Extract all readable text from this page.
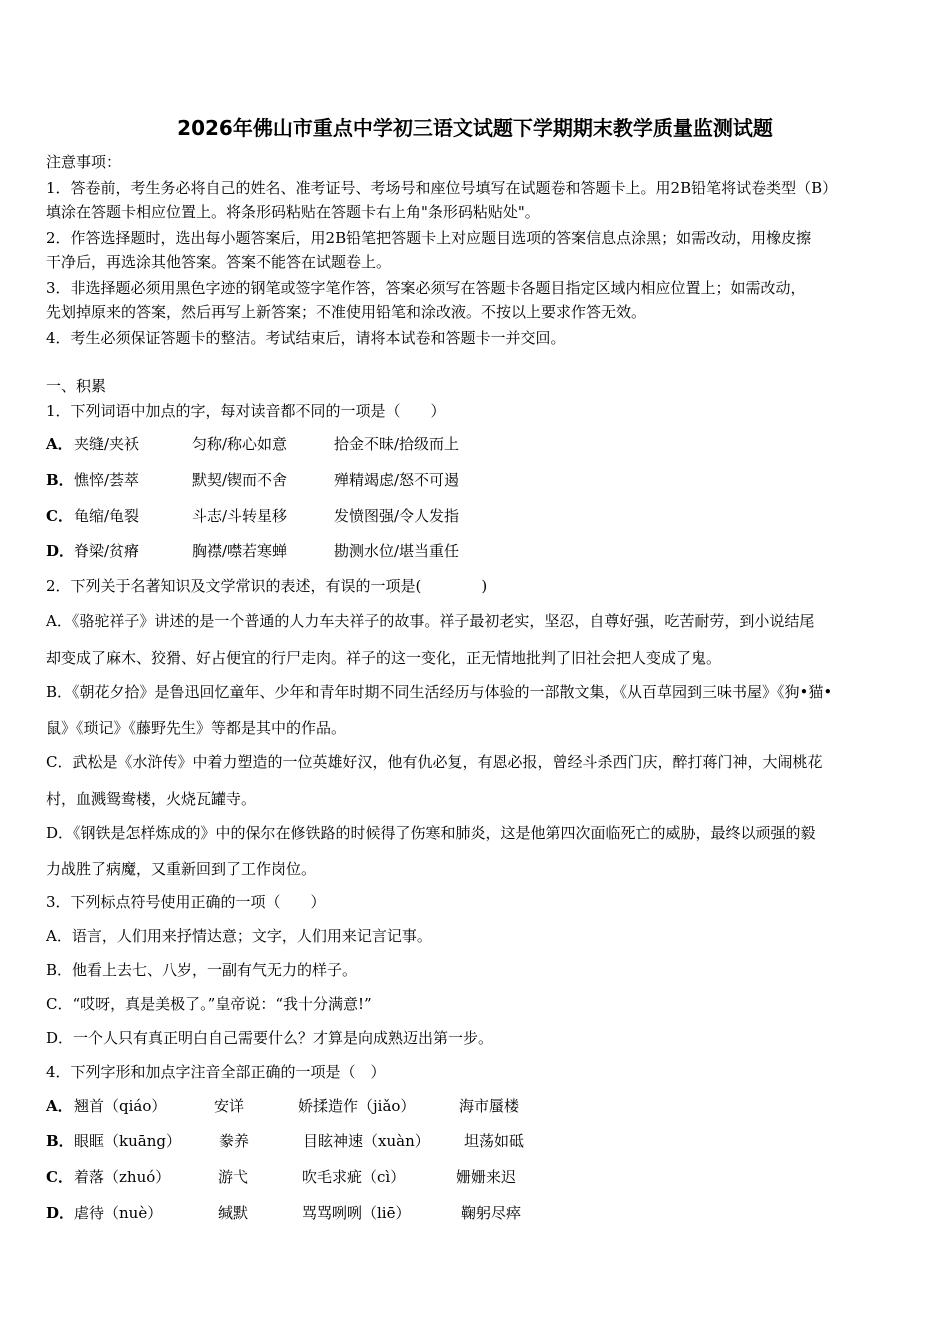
2026年佛山市重点中学初三语文试题下学期期末教学质量监测试题
注意事项：
1．答卷前，考生务必将自己的姓名、准考证号、考场号和座位号填写在试题卷和答题卡上。用2B铅笔将试卷类型（B）
填涂在答题卡相应位置上。将条形码粘贴在答题卡右上角"条形码粘贴处"。
2．作答选择题时，选出每小题答案后，用2B铅笔把答题卡上对应题目选项的答案信息点涂黑；如需改动，用橡皮擦
干净后，再选涂其他答案。答案不能答在试题卷上。
3．非选择题必须用黑色字迹的钢笔或签字笔作答，答案必须写在答题卡各题目指定区域内相应位置上；如需改动，
先划掉原来的答案，然后再写上新答案；不准使用铅笔和涂改液。不按以上要求作答无效。
4．考生必须保证答题卡的整洁。考试结束后，请将本试卷和答题卡一并交回。
一、积累
1．下列词语中加点的字，每对读音都不同的一项是（　　）
A． 夹缝/夹袄	匀称/称心如意	拾金不昧/拾级而上
B． 憔悴/荟萃	默契/锲而不舍	殚精竭虑/怒不可遏
C． 龟缩/龟裂	斗志/斗转星移	发愤图强/令人发指
D． 脊梁/贫瘠	胸襟/噤若寒蝉	勘测水位/堪当重任
2．下列关于名著知识及文学常识的表述，有误的一项是(　　　　)
A．《骆驼祥子》讲述的是一个普通的人力车夫祥子的故事。祥子最初老实，坚忍，自尊好强，吃苦耐劳，到小说结尾
却变成了麻木、狡猾、好占便宜的行尸走肉。祥子的这一变化，正无情地批判了旧社会把人变成了鬼。
B．《朝花夕拾》是鲁迅回忆童年、少年和青年时期不同生活经历与体验的一部散文集，《从百草园到三味书屋》《狗•猫•
鼠》《琐记》《藤野先生》等都是其中的作品。
C．武松是《水浒传》中着力塑造的一位英雄好汉，他有仇必复，有恩必报，曾经斗杀西门庆，醉打蒋门神，大闹桃花
村，血溅鸳鸯楼，火烧瓦罐寺。
D．《钢铁是怎样炼成的》中的保尔在修铁路的时候得了伤寒和肺炎，这是他第四次面临死亡的威胁，最终以顽强的毅
力战胜了病魔，又重新回到了工作岗位。
3．下列标点符号使用正确的一项（　　）
A．语言，人们用来抒情达意；文字，人们用来记言记事。
B．他看上去七、八岁，一副有气无力的样子。
C．“哎呀，真是美极了。”皇帝说：“我十分满意!”
D．一个人只有真正明白自己需要什么？才算是向成熟迈出第一步。
4．下列字形和加点字注音全部正确的一项是（　）
A． 翘首（qiáo）	安详	娇揉造作（jiǎo）	海市蜃楼
B． 眼眶（kuāng）	豢养	目眩神速（xuàn） 坦荡如砥
C． 着落（zhuó）	游弋	吹毛求疵（cì）	姗姗来迟
D． 虐待（nuè）	缄默	骂骂咧咧（liē）	鞠躬尽瘁
